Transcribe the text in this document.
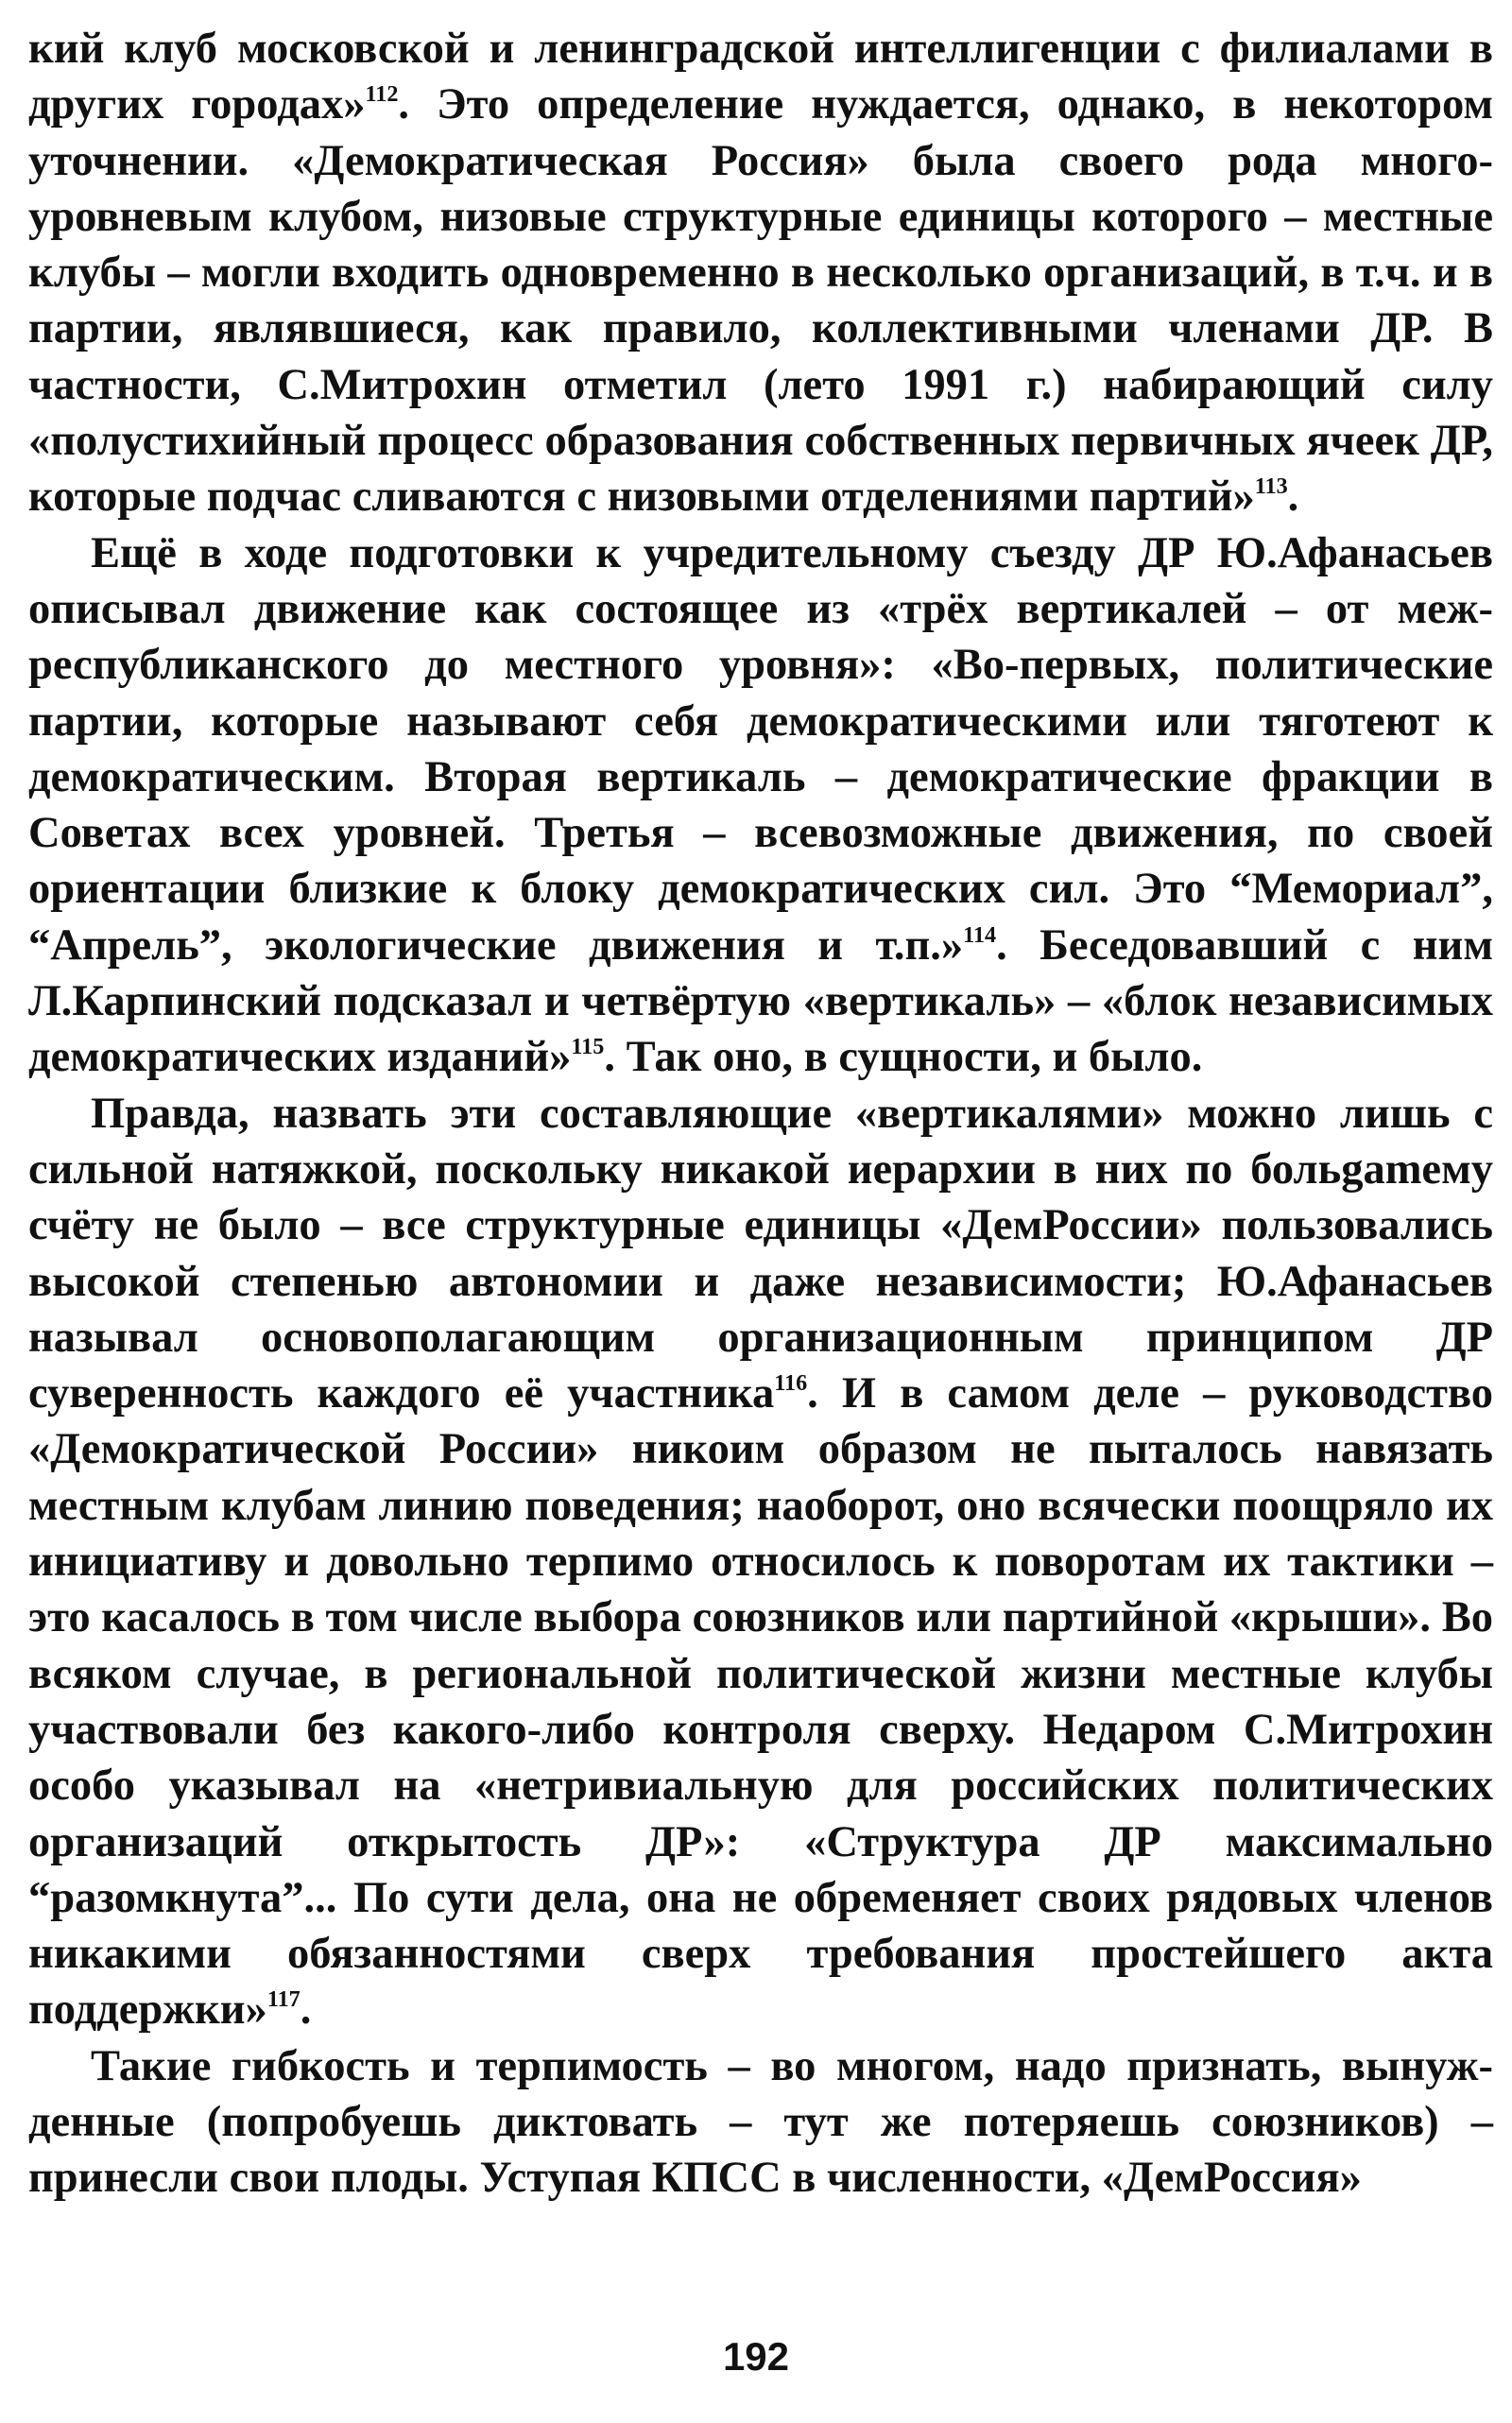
кий клуб московской и ленинградской интеллигенции с филиалами в других городах»$^{112}$. Это определение нуждается, однако, в некотором уточнении. «Демократическая Россия» была своего рода многоуровневым клубом, низовые структурные единицы которого – местные клубы – могли входить одновременно в несколько организаций, в т.ч. и в партии, являвшиеся, как правило, коллективными членами ДР. В частности, С.Митрохин отметил (лето 1991 г.) набирающий силу «полустихийный процесс образования собственных первичных ячеек ДР, которые подчас сливаются с низовыми отделениями партий»$^{113}$.

Ещё в ходе подготовки к учредительному съезду ДР Ю.Афанасьев описывал движение как состоящее из «трёх вертикалей – от межреспубликанского до местного уровня»: «Во-первых, политические партии, которые называют себя демократическими или тяготеют к демократическим. Вторая вертикаль – демократические фракции в Советах всех уровней. Третья – всевозможные движения, по своей ориентации близкие к блоку демократических сил. Это “Мемориал”, “Апрель”, экологические движения и т.п.»$^{114}$. Беседовавший с ним Л.Карпинский подсказал и четвёртую «вертикаль» – «блок независимых демократических изданий»$^{115}$. Так оно, в сущности, и было.

Правда, назвать эти составляющие «вертикалями» можно лишь с сильной натяжкой, поскольку никакой иерархии в них по больgameму счёту не было – все структурные единицы «ДемРоссии» пользовались высокой степенью автономии и даже независимости; Ю.Афанасьев называл основополагающим организационным принципом ДР суверенность каждого её участника$^{116}$. И в самом деле – руководство «Демократической России» никоим образом не пыталось навязать местным клубам линию поведения; наоборот, оно всячески поощряло их инициативу и довольно терпимо относилось к поворотам их тактики – это касалось в том числе выбора союзников или партийной «крыши». Во всяком случае, в региональной политической жизни местные клубы участвовали без какого-либо контроля сверху. Недаром С.Митрохин особо указывал на «нетривиальную для российских политических организаций открытость ДР»: «Структура ДР максимально “разомкнута”... По сути дела, она не обременяет своих рядовых членов никакими обязанностями сверх требования простейшего акта поддержки»$^{117}$.

Такие гибкость и терпимость – во многом, надо признать, вынужденные (попробуешь диктовать – тут же потеряешь союзников) – принесли свои плоды. Уступая КПСС в численности, «ДемРоссия»

192
